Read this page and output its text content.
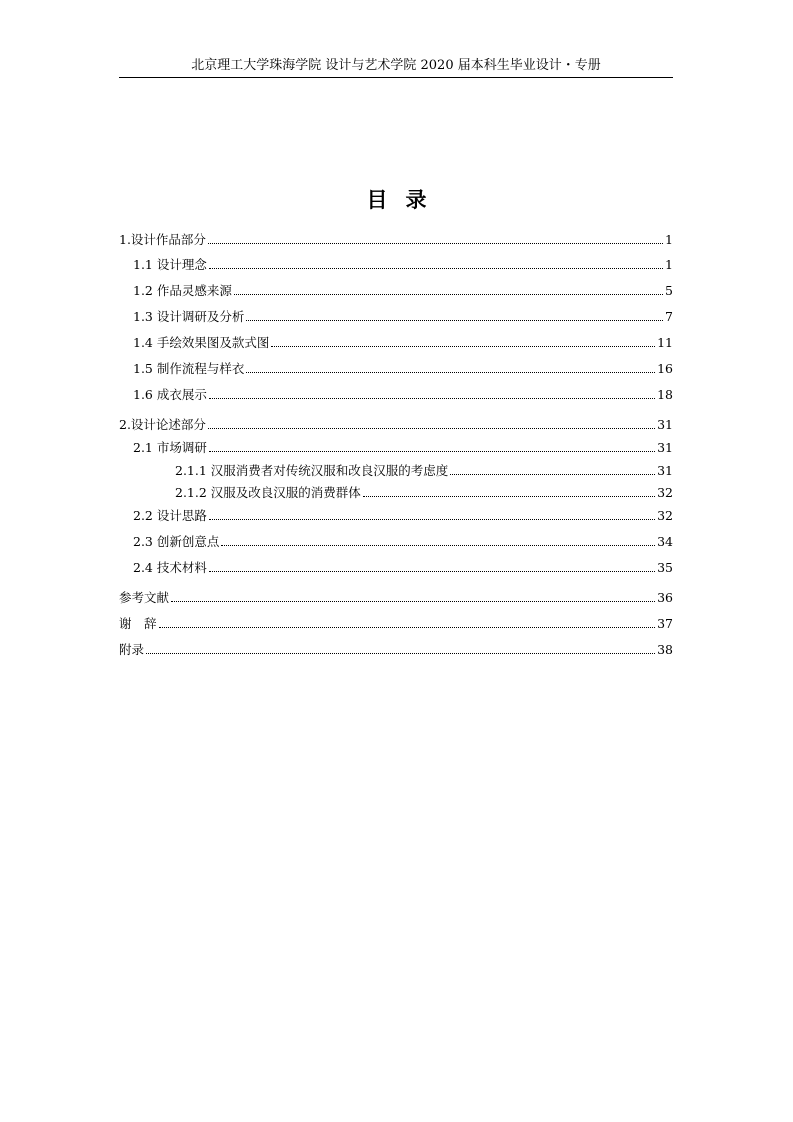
北京理工大学珠海学院 设计与艺术学院 2020 届本科生毕业设计・专册
目录
1.设计作品部分	1
1.1 设计理念	1
1.2 作品灵感来源	5
1.3 设计调研及分析	7
1.4 手绘效果图及款式图	11
1.5 制作流程与样衣	16
1.6 成衣展示	18
2.设计论述部分	31
2.1 市场调研	31
2.1.1 汉服消费者对传统汉服和改良汉服的考虑度	31
2.1.2 汉服及改良汉服的消费群体	32
2.2 设计思路	32
2.3 创新创意点	34
2.4 技术材料	35
参考文献	36
谢　辞	37
附录	38
